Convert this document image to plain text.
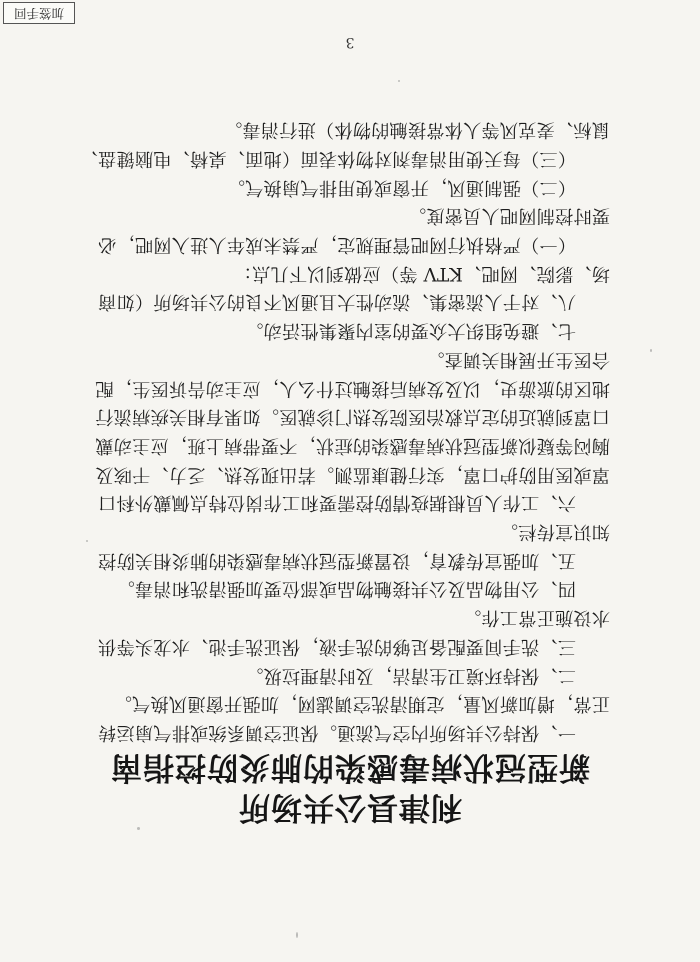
利津县公共场所
新型冠状病毒感染的肺炎防控指南
一、保持公共场所内空气流通。保证空调系统或排气扇运转
正常，增加新风量，定期清洗空调滤网，加强开窗通风换气。
二、保持环境卫生清洁，及时清理垃圾。
三、洗手间要配备足够的洗手液，保证洗手池、水龙头等供
水设施正常工作。
四、公用物品及公共接触物品或部位要加强清洗和消毒。
五、加强宣传教育，设置新型冠状病毒感染的肺炎相关防控
知识宣传栏。
六、工作人员根据疫情防控需要和工作岗位特点佩戴外科口
罩或医用防护口罩，实行健康监测。若出现发热、乏力、干咳及
胸闷等疑似新型冠状病毒感染的症状，不要带病上班，应主动戴
口罩到就近的定点救治医院发热门诊就医。如果有相关疾病流行
地区的旅游史，以及发病后接触过什么人，应主动告诉医生，配
合医生开展相关调查。
七、避免组织大众要的室内聚集性活动。
八、对于人流密集、流动性大且通风不良的公共场所（如商
场、影院、网吧、KTV 等）应做到以下几点：
（一）严格执行网吧管理规定，严禁未成年人进入网吧，必
要时控制网吧人员密度。
（二）强制通风，开窗或使用排气扇换气。
（三）每天使用消毒剂对物体表面（地面、桌椅、电脑键盘、
鼠标、麦克风等人体常接触的物体）进行消毒。
3
加签手回
